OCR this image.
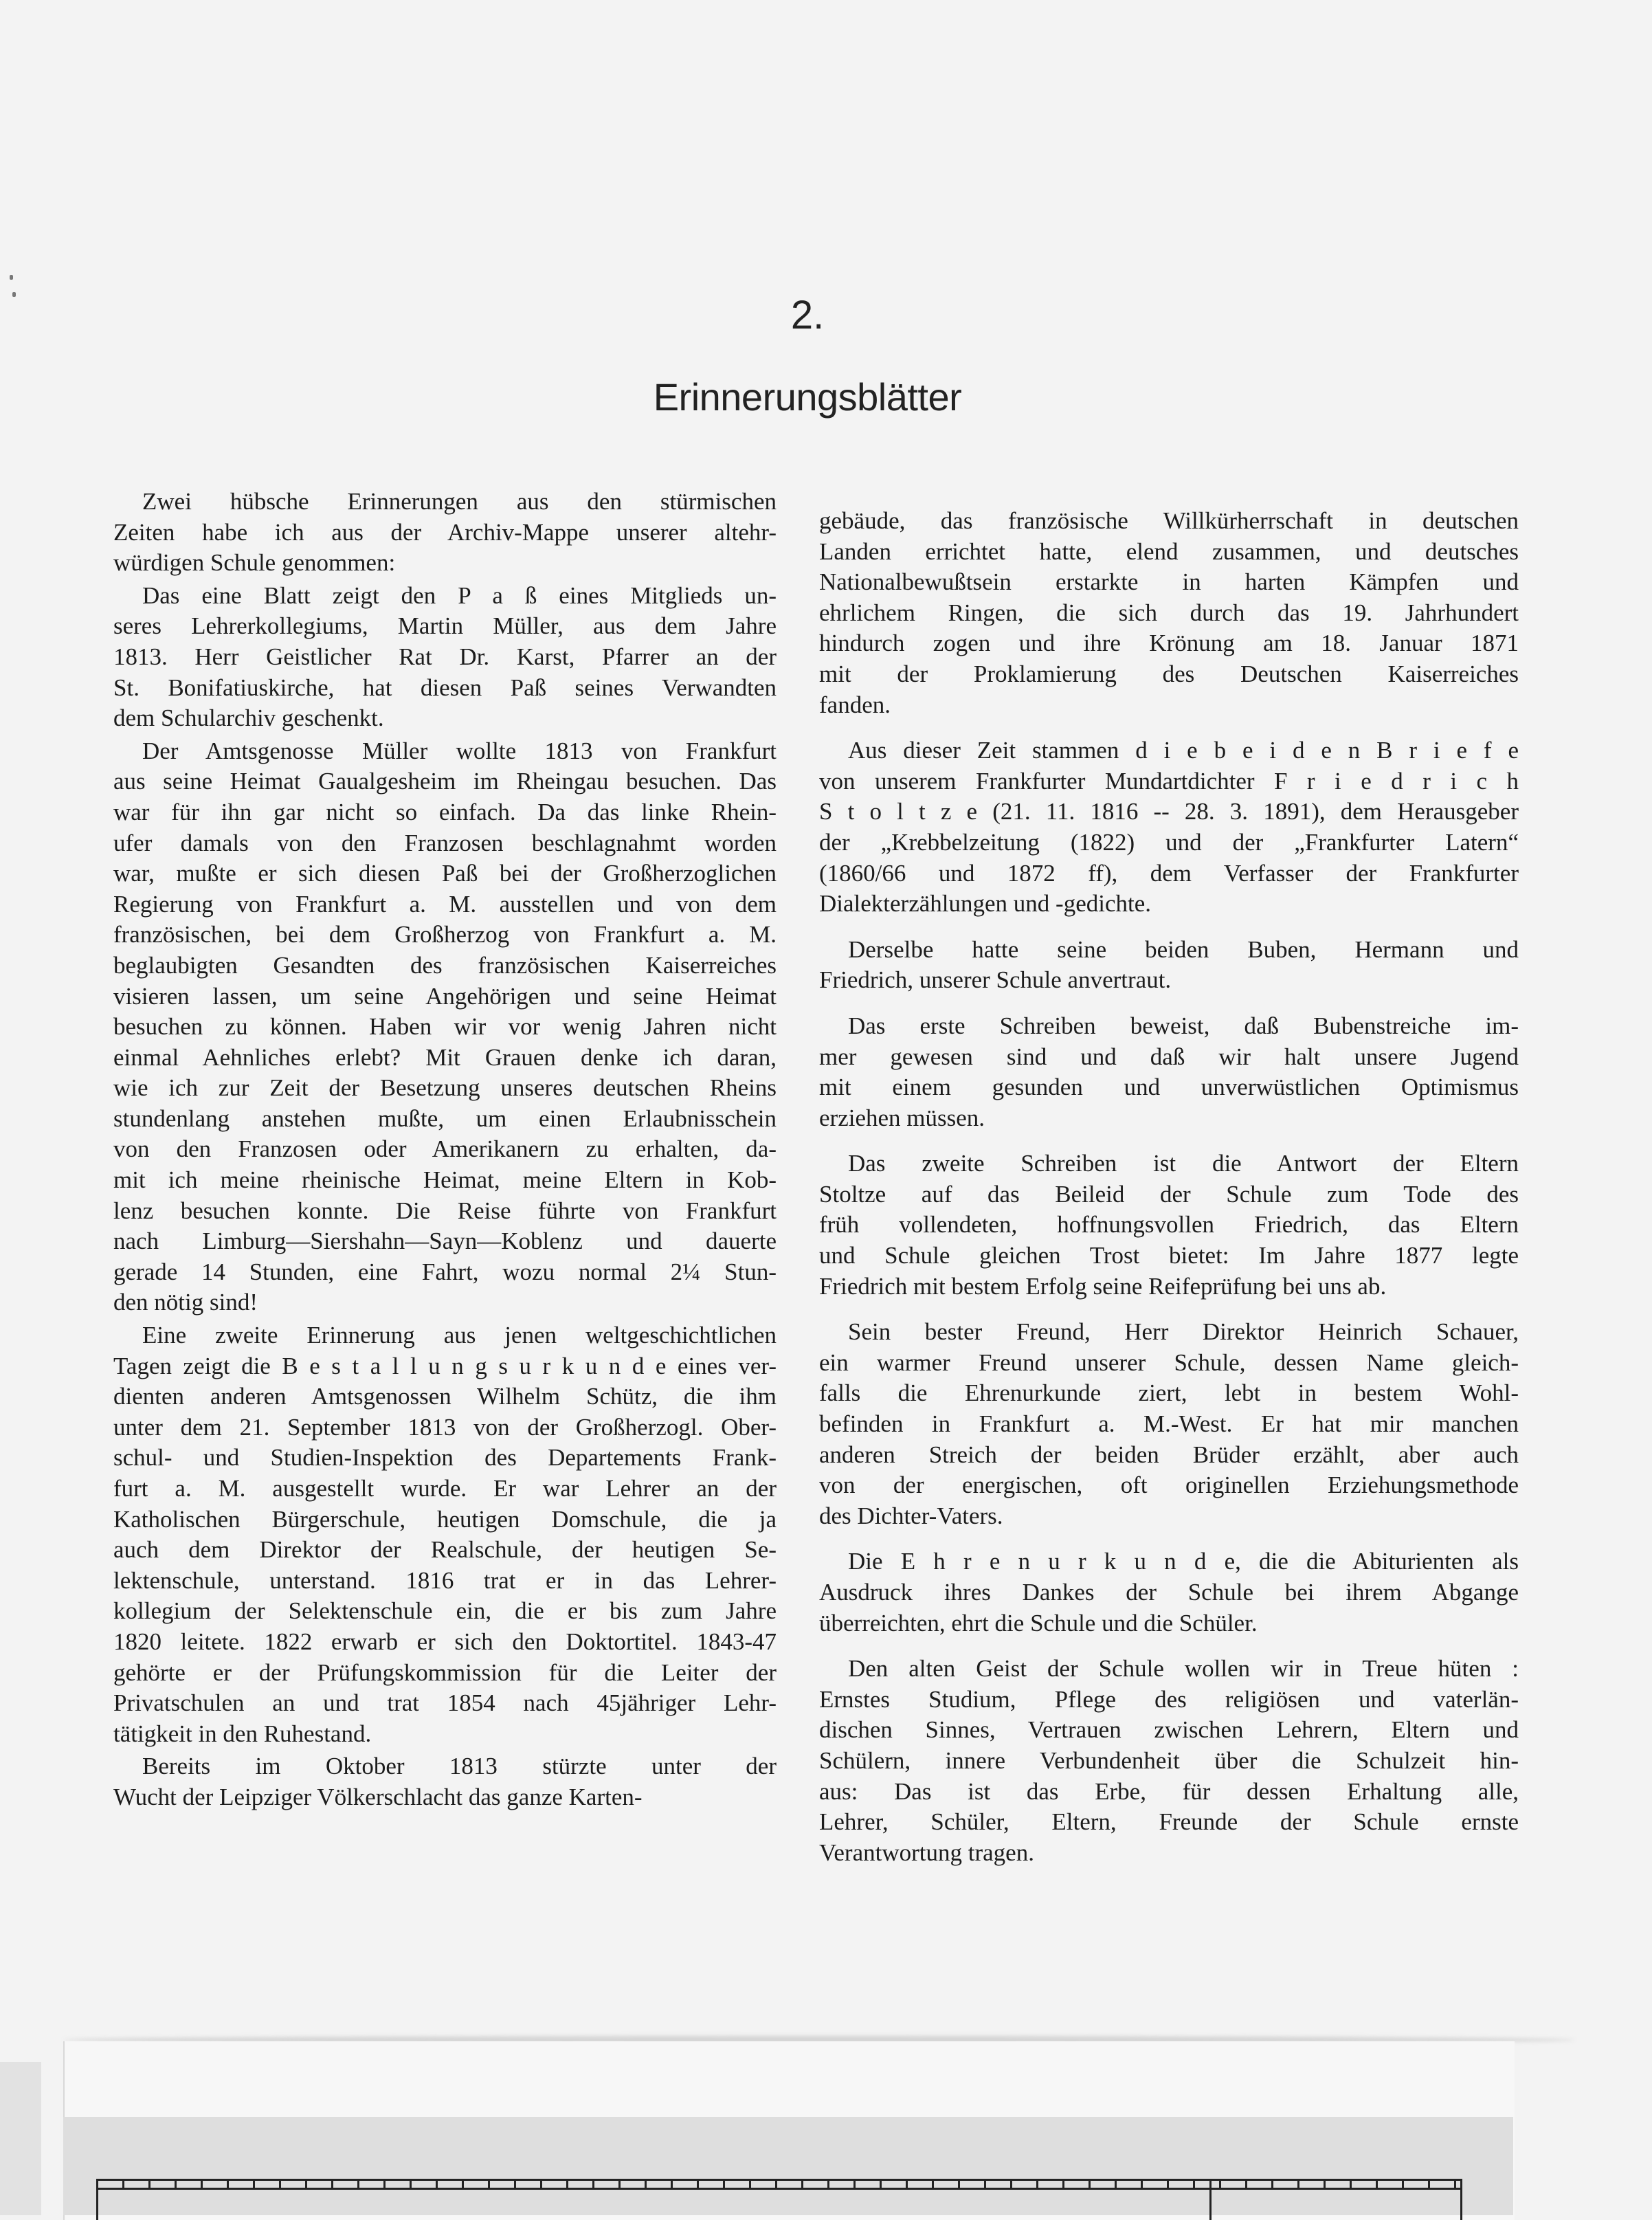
2.
Erinnerungsblätter
Zwei hübsche Erinnerungen aus den stürmischen
Zeiten habe ich aus der Archiv-Mappe unserer altehr-
würdigen Schule genommen:
Das eine Blatt zeigt den P a ß eines Mitglieds un-
seres Lehrerkollegiums, Martin Müller, aus dem Jahre
1813. Herr Geistlicher Rat Dr. Karst, Pfarrer an der
St. Bonifatiuskirche, hat diesen Paß seines Verwandten
dem Schularchiv geschenkt.
Der Amtsgenosse Müller wollte 1813 von Frankfurt
aus seine Heimat Gaualgesheim im Rheingau besuchen. Das
war für ihn gar nicht so einfach. Da das linke Rhein-
ufer damals von den Franzosen beschlagnahmt worden
war, mußte er sich diesen Paß bei der Großherzoglichen
Regierung von Frankfurt a. M. ausstellen und von dem
französischen, bei dem Großherzog von Frankfurt a. M.
beglaubigten Gesandten des französischen Kaiserreiches
visieren lassen, um seine Angehörigen und seine Heimat
besuchen zu können. Haben wir vor wenig Jahren nicht
einmal Aehnliches erlebt? Mit Grauen denke ich daran,
wie ich zur Zeit der Besetzung unseres deutschen Rheins
stundenlang anstehen mußte, um einen Erlaubnisschein
von den Franzosen oder Amerikanern zu erhalten, da-
mit ich meine rheinische Heimat, meine Eltern in Kob-
lenz besuchen konnte. Die Reise führte von Frankfurt
nach Limburg—Siershahn—Sayn—Koblenz und dauerte
gerade 14 Stunden, eine Fahrt, wozu normal 2¼ Stun-
den nötig sind!
Eine zweite Erinnerung aus jenen weltgeschichtlichen
Tagen zeigt die B e s t a l l u n g s u r k u n d e eines ver-
dienten anderen Amtsgenossen Wilhelm Schütz, die ihm
unter dem 21. September 1813 von der Großherzogl. Ober-
schul- und Studien-Inspektion des Departements Frank-
furt a. M. ausgestellt wurde. Er war Lehrer an der
Katholischen Bürgerschule, heutigen Domschule, die ja
auch dem Direktor der Realschule, der heutigen Se-
lektenschule, unterstand. 1816 trat er in das Lehrer-
kollegium der Selektenschule ein, die er bis zum Jahre
1820 leitete. 1822 erwarb er sich den Doktortitel. 1843-47
gehörte er der Prüfungskommission für die Leiter der
Privatschulen an und trat 1854 nach 45jähriger Lehr-
tätigkeit in den Ruhestand.
Bereits im Oktober 1813 stürzte unter der
Wucht der Leipziger Völkerschlacht das ganze Karten-
gebäude, das französische Willkürherrschaft in deutschen
Landen errichtet hatte, elend zusammen, und deutsches
Nationalbewußtsein erstarkte in harten Kämpfen und
ehrlichem Ringen, die sich durch das 19. Jahrhundert
hindurch zogen und ihre Krönung am 18. Januar 1871
mit der Proklamierung des Deutschen Kaiserreiches
fanden.
Aus dieser Zeit stammen d i e b e i d e n B r i e f e
von unserem Frankfurter Mundartdichter F r i e d r i c h
S t o l t z e (21. 11. 1816 -- 28. 3. 1891), dem Herausgeber
der „Krebbelzeitung (1822) und der „Frankfurter Latern“
(1860/66 und 1872 ff), dem Verfasser der Frankfurter
Dialekterzählungen und -gedichte.
Derselbe hatte seine beiden Buben, Hermann und
Friedrich, unserer Schule anvertraut.
Das erste Schreiben beweist, daß Bubenstreiche im-
mer gewesen sind und daß wir halt unsere Jugend
mit einem gesunden und unverwüstlichen Optimismus
erziehen müssen.
Das zweite Schreiben ist die Antwort der Eltern
Stoltze auf das Beileid der Schule zum Tode des
früh vollendeten, hoffnungsvollen Friedrich, das Eltern
und Schule gleichen Trost bietet: Im Jahre 1877 legte
Friedrich mit bestem Erfolg seine Reifeprüfung bei uns ab.
Sein bester Freund, Herr Direktor Heinrich Schauer,
ein warmer Freund unserer Schule, dessen Name gleich-
falls die Ehrenurkunde ziert, lebt in bestem Wohl-
befinden in Frankfurt a. M.-West. Er hat mir manchen
anderen Streich der beiden Brüder erzählt, aber auch
von der energischen, oft originellen Erziehungsmethode
des Dichter-Vaters.
Die E h r e n u r k u n d e, die die Abiturienten als
Ausdruck ihres Dankes der Schule bei ihrem Abgange
überreichten, ehrt die Schule und die Schüler.
Den alten Geist der Schule wollen wir in Treue hüten :
Ernstes Studium, Pflege des religiösen und vaterlän-
dischen Sinnes, Vertrauen zwischen Lehrern, Eltern und
Schülern, innere Verbundenheit über die Schulzeit hin-
aus: Das ist das Erbe, für dessen Erhaltung alle,
Lehrer, Schüler, Eltern, Freunde der Schule ernste
Verantwortung tragen.
